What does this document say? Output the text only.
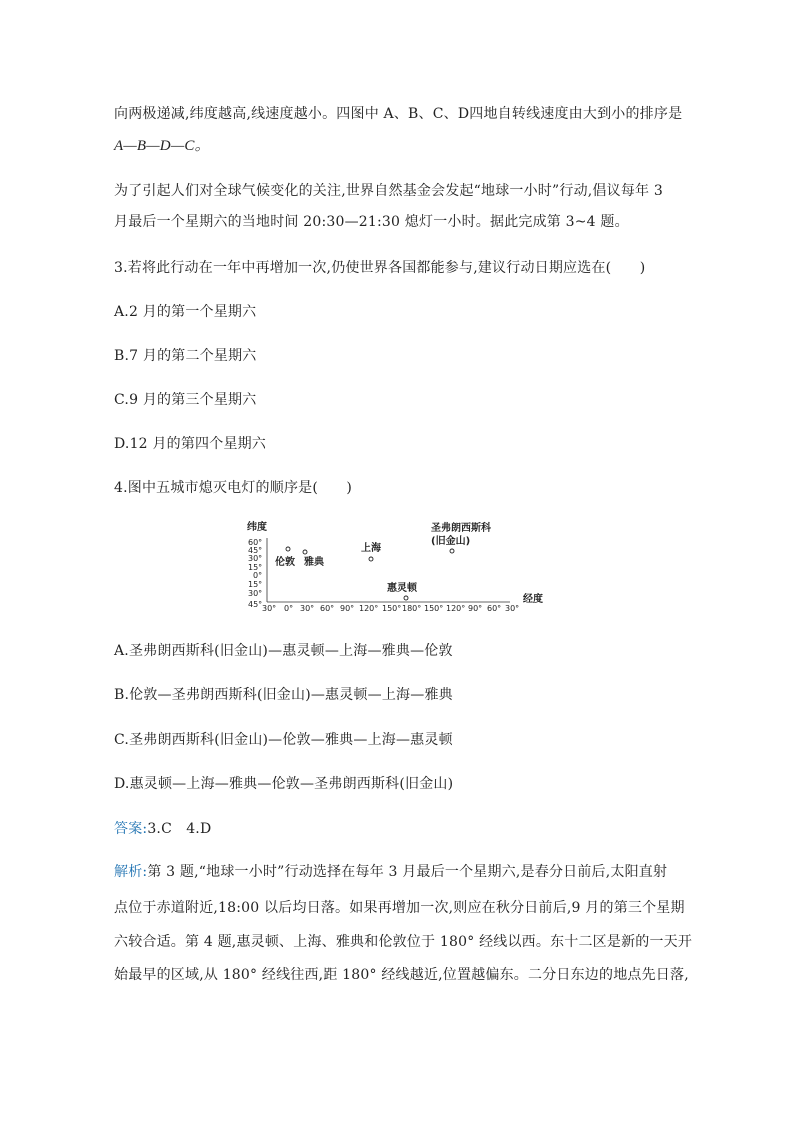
向两极递减,纬度越高,线速度越小。四图中 A、B、C、D四地自转线速度由大到小的排序是
A—B—D—C。
为了引起人们对全球气候变化的关注,世界自然基金会发起“地球一小时”行动,倡议每年 3
月最后一个星期六的当地时间 20:30—21:30 熄灯一小时。据此完成第 3~4 题。
3.若将此行动在一年中再增加一次,仍使世界各国都能参与,建议行动日期应选在(　　)
A.2 月的第一个星期六
B.7 月的第二个星期六
C.9 月的第三个星期六
D.12 月的第四个星期六
4.图中五城市熄灭电灯的顺序是(　　)
纬度
60°
45°
30°
15°
0°
15°
30°
45° 30° 0° 30° 60° 90° 120° 150° 180° 150° 120° 90° 60° 30°
经度
伦敦 雅典
上海
惠灵顿
圣弗朗西斯科
(旧金山)
A.圣弗朗西斯科(旧金山)—惠灵顿—上海—雅典—伦敦
B.伦敦—圣弗朗西斯科(旧金山)—惠灵顿—上海—雅典
C.圣弗朗西斯科(旧金山)—伦敦—雅典—上海—惠灵顿
D.惠灵顿—上海—雅典—伦敦—圣弗朗西斯科(旧金山)
答案:3.C　4.D
解析:第 3 题,“地球一小时”行动选择在每年 3 月最后一个星期六,是春分日前后,太阳直射
点位于赤道附近,18:00 以后均日落。如果再增加一次,则应在秋分日前后,9 月的第三个星期
六较合适。第 4 题,惠灵顿、上海、雅典和伦敦位于 180° 经线以西。东十二区是新的一天开
始最早的区域,从 180° 经线往西,距 180° 经线越近,位置越偏东。二分日东边的地点先日落,
